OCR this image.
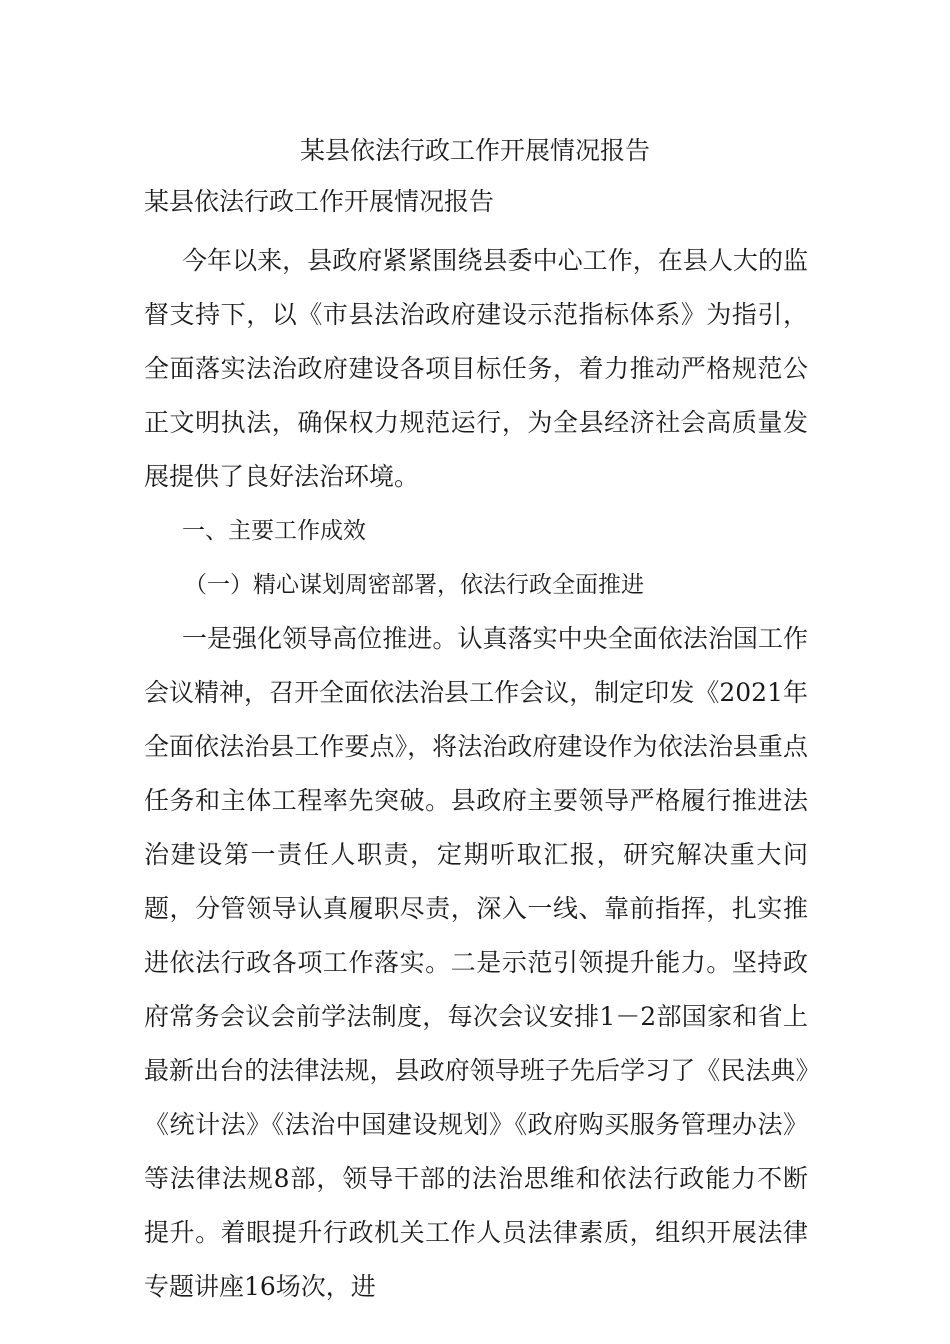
某县依法行政工作开展情况报告

某县依法行政工作开展情况报告

今年以来，县政府紧紧围绕县委中心工作，在县人大的监督支持下，以《市县法治政府建设示范指标体系》为指引，全面落实法治政府建设各项目标任务，着力推动严格规范公正文明执法，确保权力规范运行，为全县经济社会高质量发展提供了良好法治环境。

一、主要工作成效

（一）精心谋划周密部署，依法行政全面推进

一是强化领导高位推进。认真落实中央全面依法治国工作会议精神，召开全面依法治县工作会议，制定印发《2021年全面依法治县工作要点》，将法治政府建设作为依法治县重点任务和主体工程率先突破。县政府主要领导严格履行推进法治建设第一责任人职责，定期听取汇报，研究解决重大问题，分管领导认真履职尽责，深入一线、靠前指挥，扎实推进依法行政各项工作落实。二是示范引领提升能力。坚持政府常务会议会前学法制度，每次会议安排1－2部国家和省上最新出台的法律法规，县政府领导班子先后学习了《民法典》《统计法》《法治中国建设规划》《政府购买服务管理办法》等法律法规8部，领导干部的法治思维和依法行政能力不断提升。着眼提升行政机关工作人员法律素质，组织开展法律专题讲座16场次，进
